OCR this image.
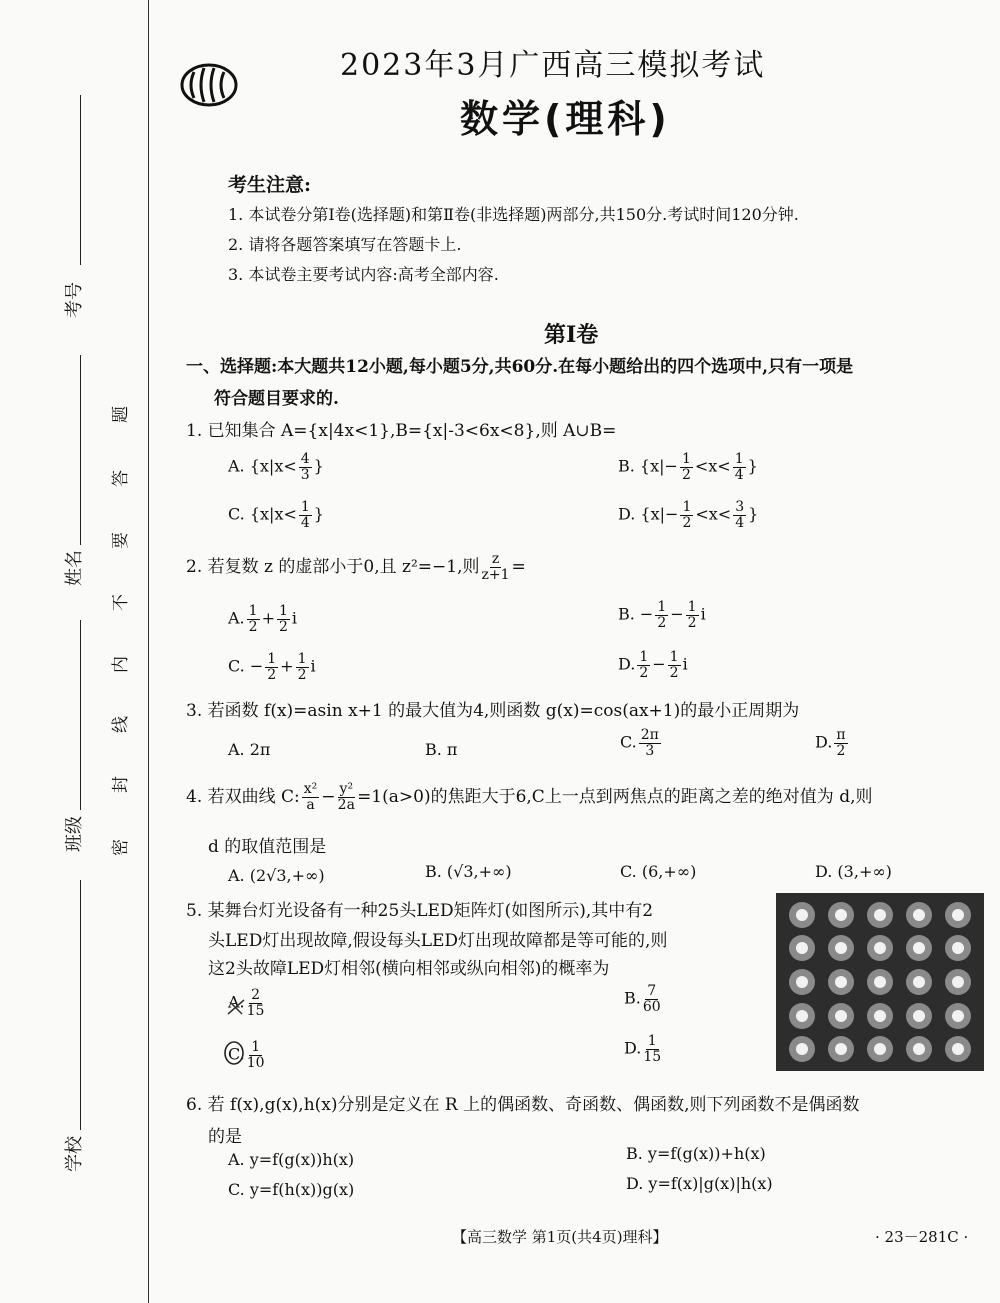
考号
姓名
班级
学校
密
封
线
内
不
要
答
题
2023年3月广西高三模拟考试
数学(理科)
考生注意:
1. 本试卷分第Ⅰ卷(选择题)和第Ⅱ卷(非选择题)两部分,共150分.考试时间120分钟.
2. 请将各题答案填写在答题卡上.
3. 本试卷主要考试内容:高考全部内容.
第Ⅰ卷
一、选择题:本大题共12小题,每小题5分,共60分.在每小题给出的四个选项中,只有一项是
符合题目要求的.
1. 已知集合 A={x|4x<1},B={x|-3<6x<8},则 A∪B=
A. {$x|x< \frac{4}{3}$ }	B. {$x|- \frac{1}{2} <x< \frac{1}{4}$ }
C. {$x|x< \frac{1}{4}$ }	D. {$x|- \frac{1}{2} <x< \frac{3}{4}$ }
2. 若复数 z 的虚部小于0,且 z²=−1,则 $\frac{z}{z+1}$ =
A. $\frac{1}{2} + \frac{1}{2}$ i	B. − $\frac{1}{2} - \frac{1}{2}$ i
C. − $\frac{1}{2} + \frac{1}{2}$ i	D. $\frac{1}{2} - \frac{1}{2}$ i
3. 若函数 f(x)=asin x+1 的最大值为4,则函数 g(x)=cos(ax+1)的最小正周期为
A. 2π	B. π	C. $\frac{2\pi}{3}$	D. $\frac{\pi}{2}$
4. 若双曲线 C: $\frac{\text{x²}}{a} - \frac{\text{y²}}{2a} =1(a>0)$的焦距大于6,C上一点到两焦点的距离之差的绝对值为 d,则
d 的取值范围是
A. (2√3,+∞)	B. (√3,+∞)	C. (6,+∞)	D. (3,+∞)
5. 某舞台灯光设备有一种25头LED矩阵灯(如图所示),其中有2
头LED灯出现故障,假设每头LED灯出现故障都是等可能的,则
这2头故障LED灯相邻(横向相邻或纵向相邻)的概率为
A. $\frac{2}{15}$	B. $\frac{7}{60}$
C. $\frac{1}{10}$	D. $\frac{1}{15}$
6. 若 f(x),g(x),h(x)分别是定义在 R 上的偶函数、奇函数、偶函数,则下列函数不是偶函数
的是
A. y=f(g(x))h(x)	B. y=f(g(x))+h(x)
C. y=f(h(x))g(x)	D. y=f(x)|g(x)|h(x)
【高三数学 第1页(共4页)理科】	· 23－281C ·
